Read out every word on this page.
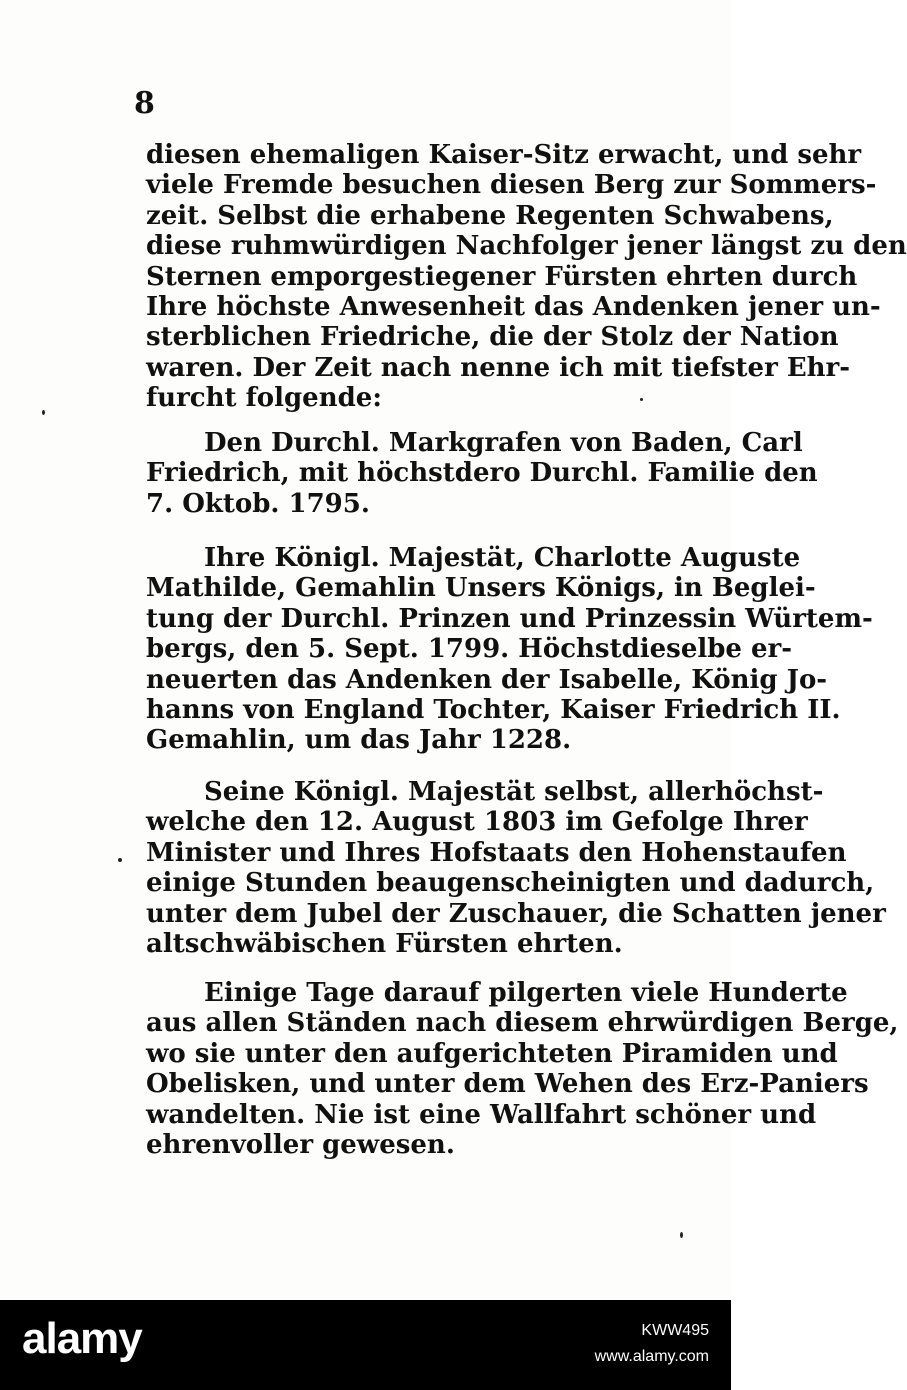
8
diesen ehemaligen Kaiser-Sitz erwacht, und sehr
viele Fremde besuchen diesen Berg zur Sommers-
zeit. Selbst die erhabene Regenten Schwabens,
diese ruhmwürdigen Nachfolger jener längst zu den
Sternen emporgestiegener Fürsten ehrten durch
Ihre höchste Anwesenheit das Andenken jener un-
sterblichen Friedriche, die der Stolz der Nation
waren. Der Zeit nach nenne ich mit tiefster Ehr-
furcht folgende:
Den Durchl. Markgrafen von Baden, Carl
Friedrich, mit höchstdero Durchl. Familie den
7. Oktob. 1795.
Ihre Königl. Majestät, Charlotte Auguste
Mathilde, Gemahlin Unsers Königs, in Beglei-
tung der Durchl. Prinzen und Prinzessin Würtem-
bergs, den 5. Sept. 1799. Höchstdieselbe er-
neuerten das Andenken der Isabelle, König Jo-
hanns von England Tochter, Kaiser Friedrich II.
Gemahlin, um das Jahr 1228.
Seine Königl. Majestät selbst, allerhöchst-
welche den 12. August 1803 im Gefolge Ihrer
Minister und Ihres Hofstaats den Hohenstaufen
einige Stunden beaugenscheinigten und dadurch,
unter dem Jubel der Zuschauer, die Schatten jener
altschwäbischen Fürsten ehrten.
Einige Tage darauf pilgerten viele Hunderte
aus allen Ständen nach diesem ehrwürdigen Berge,
wo sie unter den aufgerichteten Piramiden und
Obelisken, und unter dem Wehen des Erz-Paniers
wandelten. Nie ist eine Wallfahrt schöner und
ehrenvoller gewesen.
alamy	KWW495
www.alamy.com
